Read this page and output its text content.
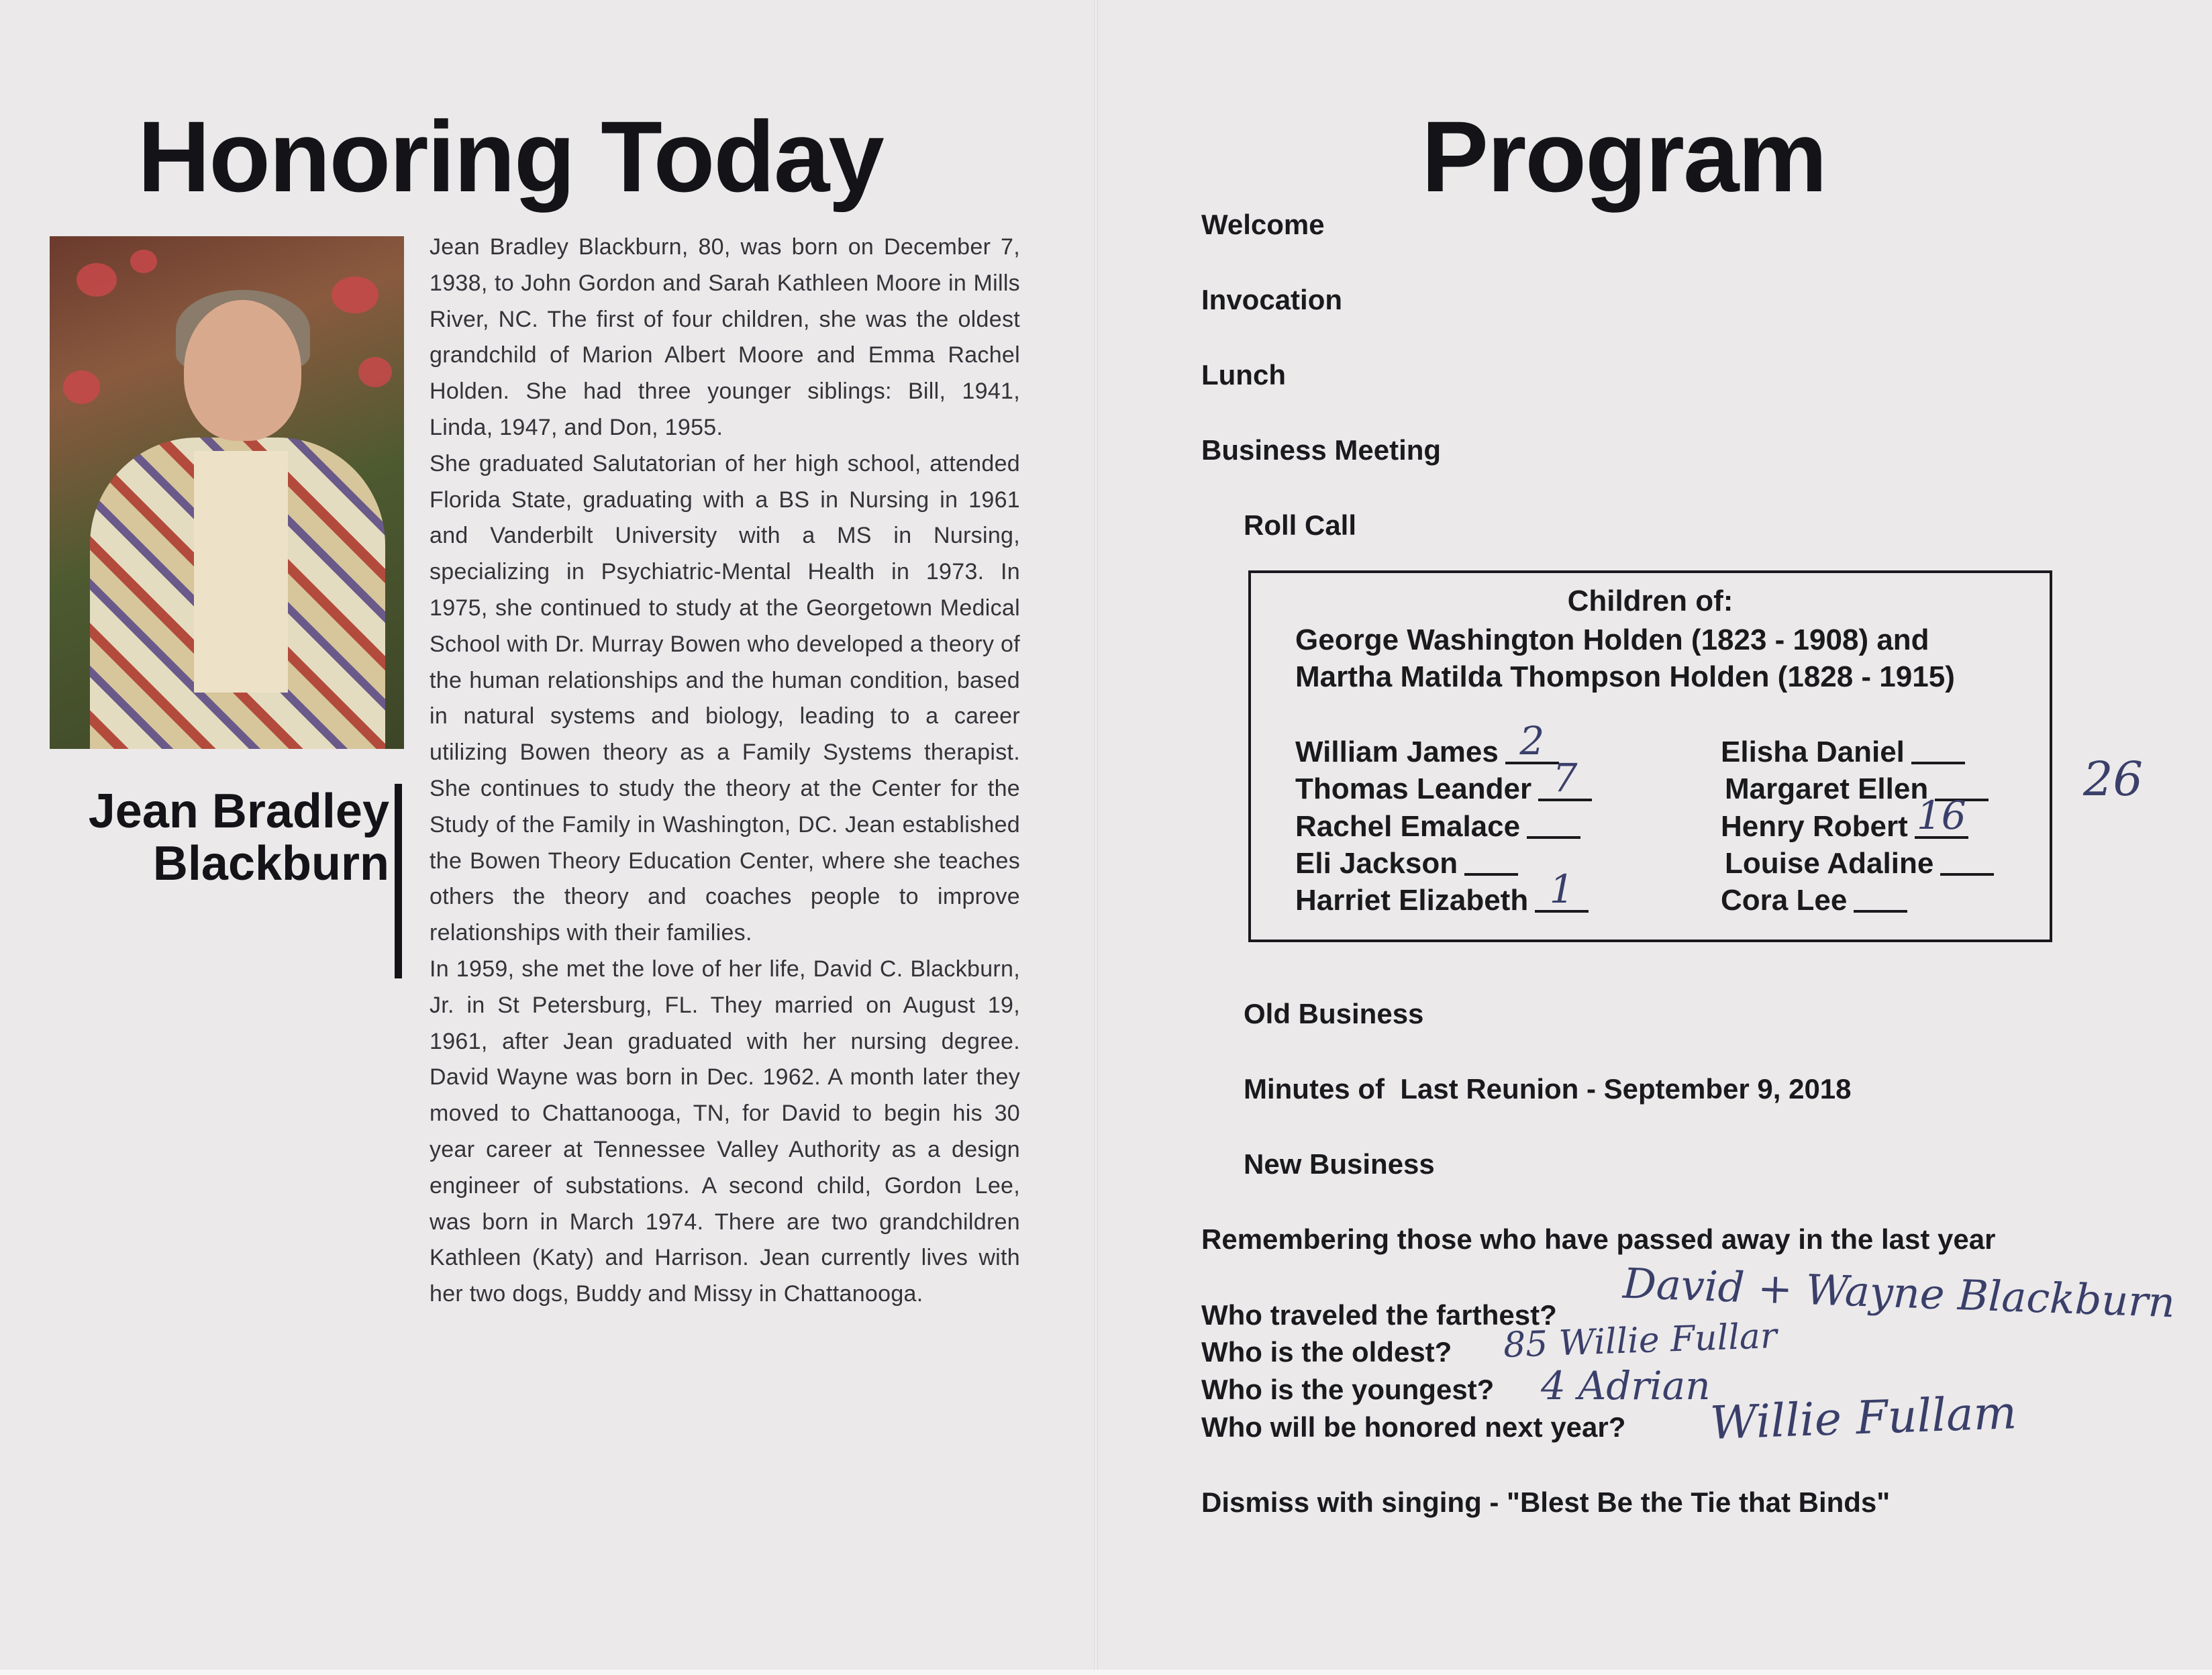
Honoring Today
Jean Bradley
Blackburn

Jean Bradley Blackburn, 80, was born on December 7, 1938, to John Gordon and Sarah Kathleen Moore in Mills River, NC. The first of four children, she was the oldest grandchild of Marion Albert Moore and Emma Rachel Holden. She had three younger siblings: Bill, 1941, Linda, 1947, and Don, 1955.

She graduated Salutatorian of her high school, attended Florida State, graduating with a BS in Nursing in 1961 and Vanderbilt University with a MS in Nursing, specializing in Psychiatric-Mental Health in 1973. In 1975, she continued to study at the Georgetown Medical School with Dr. Murray Bowen who developed a theory of the human relationships and the human condition, based in natural systems and biology, leading to a career utilizing Bowen theory as a Family Systems therapist. She continues to study the theory at the Center for the Study of the Family in Washington, DC. Jean established the Bowen Theory Education Center, where she teaches others the theory and coaches people to improve relationships with their families.

In 1959, she met the love of her life, David C. Blackburn, Jr. in St Petersburg, FL. They married on August 19, 1961, after Jean graduated with her nursing degree. David Wayne was born in Dec. 1962. A month later they moved to Chattanooga, TN, for David to begin his 30 year career at Tennessee Valley Authority as a design engineer of substations. A second child, Gordon Lee, was born in March 1974. There are two grandchildren Kathleen (Katy) and Harrison. Jean currently lives with her two dogs, Buddy and Missy in Chattanooga.

Program
Welcome
Invocation
Lunch
Business Meeting
Roll Call
Children of:
George Washington Holden (1823 - 1908) and
Martha Matilda Thompson Holden (1828 - 1915)
William James 2
Thomas Leander 7
Rachel Emalace
Eli Jackson
Harriet Elizabeth 1
Elisha Daniel
Margaret Ellen
Henry Robert 16
Louise Adaline
Cora Lee
26
Old Business
Minutes of  Last Reunion - September 9, 2018
New Business
Remembering those who have passed away in the last year
Who traveled the farthest?
Who is the oldest?
Who is the youngest?
Who will be honored next year?
David + Wayne Blackburn
85 Willie Fullar
4 Adrian
Willie Fullam
Dismiss with singing - "Blest Be the Tie that Binds"
